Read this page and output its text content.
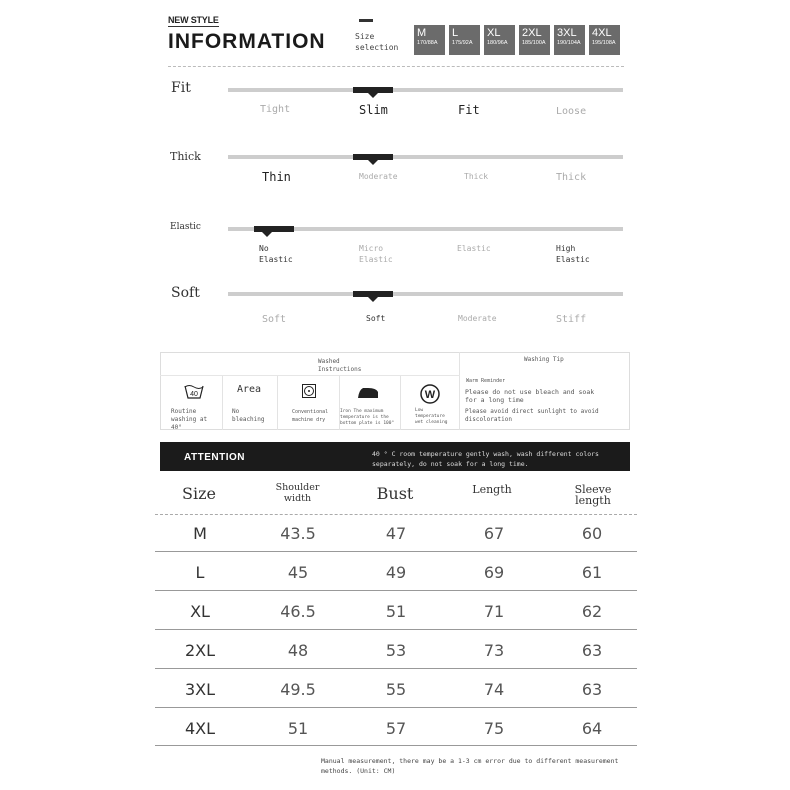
NEW STYLE
INFORMATION	Size selection
M
170/88A
L
175/92A
XL
180/96A
2XL
185/100A
3XL
190/104A
4XL
195/108A
Fit
Tight	Slim	Fit	Loose
Thick
Thin	Moderate	Thick	Thick
Elastic
No Elastic
Micro Elastic
Elastic	High Elastic
Soft
Soft	Soft	Moderate	Stiff
Washed Instructions
Washing Tip
40
Routine washing at 40°
Area
No bleaching
Conventional machine dry
Iron The maximum temperature is the bottom plate is 100°
W
Low temperature wet cleaning
Warm Reminder
Please do not use bleach and soak for a long time
Please avoid direct sunlight to avoid discoloration
ATTENTION	40 ° C room temperature gently wash, wash different colors separately, do not soak for a long time.
Size	Shoulder width	Bust	Length	Sleeve length
M	43.5	47	67	60
L	45	49	69	61
XL	46.5	51	71	62
2XL	48	53	73	63
3XL	49.5	55	74	63
4XL	51	57	75	64
Manual measurement, there may be a 1-3 cm error due to different measurement methods. (Unit: CM)
